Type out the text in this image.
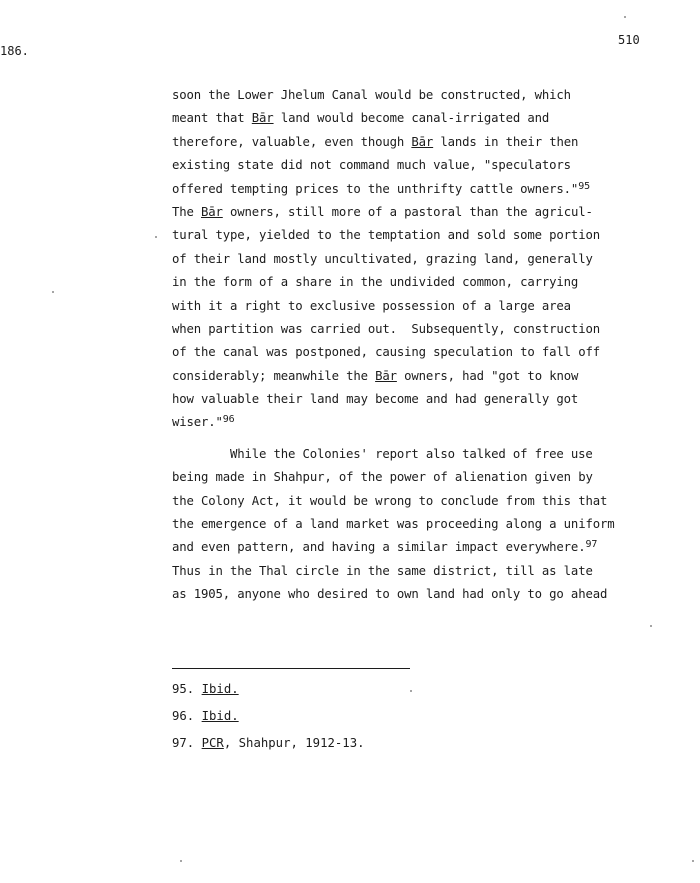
186.
510
soon the Lower Jhelum Canal would be constructed, which
meant that Bār land would become canal-irrigated and
therefore, valuable, even though Bār lands in their then
existing state did not command much value, "speculators
offered tempting prices to the unthrifty cattle owners."$^{95}$
The Bār owners, still more of a pastoral than the agricul-
tural type, yielded to the temptation and sold some portion
of their land mostly uncultivated, grazing land, generally
in the form of a share in the undivided common, carrying
with it a right to exclusive possession of a large area
when partition was carried out.  Subsequently, construction
of the canal was postponed, causing speculation to fall off
considerably; meanwhile the Bār owners, had "got to know
how valuable their land may become and had generally got
wiser."$^{96}$
While the Colonies' report also talked of free use
being made in Shahpur, of the power of alienation given by
the Colony Act, it would be wrong to conclude from this that
the emergence of a land market was proceeding along a uniform
and even pattern, and having a similar impact everywhere.$^{97}$
Thus in the Thal circle in the same district, till as late
as 1905, anyone who desired to own land had only to go ahead
95. Ibid.
96. Ibid.
97. PCR, Shahpur, 1912-13.
